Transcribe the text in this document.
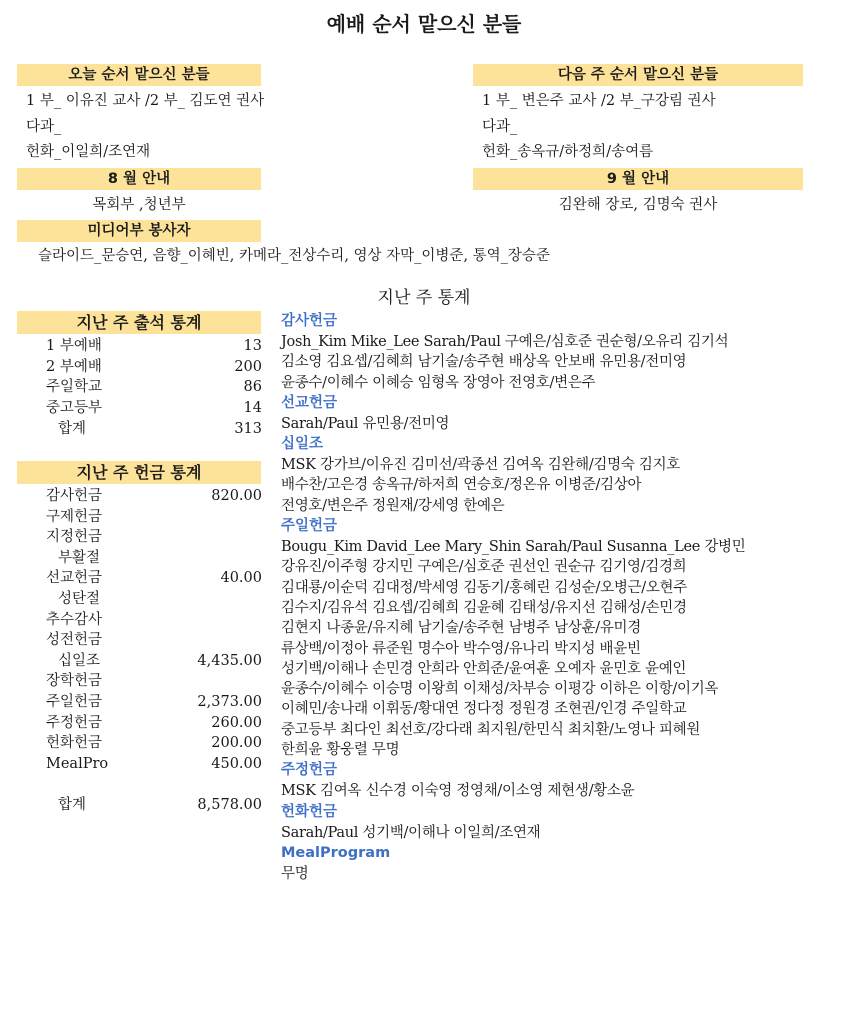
예배 순서 맡으신 분들
오늘 순서 맡으신 분들
1 부_ 이유진 교사 /2 부_ 김도연 권사
다과_
헌화_이일희/조연재
다음 주 순서 맡으신 분들
1 부_ 변은주 교사 /2 부_구강림 권사
다과_
헌화_송옥규/하정희/송여름
8 월 안내
목회부 ,청년부
9 월 안내
김완해 장로, 김명숙 권사
미디어부 봉사자
슬라이드_문승연, 음향_이혜빈, 카메라_전상수리, 영상 자막_이병준, 통역_장승준
지난 주 통계
지난 주 출석 통계
1 부예배	13
2 부예배	200
주일학교	86
중고등부	14
합계	313
지난 주 헌금 통계
감사헌금	820.00
구제헌금
지정헌금
부활절
선교헌금	40.00
성탄절
추수감사
성전헌금
십일조	4,435.00
장학헌금
주일헌금	2,373.00
주정헌금	260.00
헌화헌금	200.00
MealPro	450.00
합계	8,578.00
감사헌금
Josh_Kim Mike_Lee Sarah/Paul 구예은/심호준 권순형/오유리 김기석
김소영 김요셉/김혜희 남기술/송주현 배상옥 안보배 유민용/전미영
윤종수/이혜수 이혜승 임형옥 장영아 전영호/변은주
선교헌금
Sarah/Paul 유민용/전미영
십일조
MSK 강가브/이유진 김미선/곽종선 김여옥 김완해/김명숙 김지호
배수찬/고은경 송옥규/하저희 연승호/정온유 이병준/김상아
전영호/변은주 정원재/강세영 한예은
주일헌금
Bougu_Kim David_Lee Mary_Shin Sarah/Paul Susanna_Lee 강병민
강유진/이주형 강지민 구예은/심호준 권선인 권순규 김기영/김경희
김대룡/이순덕 김대정/박세영 김동기/홍혜린 김성순/오병근/오현주
김수지/김유석 김요셉/김혜희 김윤혜 김태성/유지선 김해성/손민경
김현지 나종윤/유지혜 남기술/송주현 남병주 남상훈/유미경
류상백/이정아 류준원 명수아 박수영/유나리 박지성 배윤빈
성기백/이해나 손민경 안희라 안희준/윤여훈 오예자 윤민호 윤예인
윤종수/이혜수 이승명 이왕희 이채성/차부승 이평강 이하은 이항/이기옥
이혜민/송나래 이휘동/황대연 정다정 정원경 조현권/인경 주일학교
중고등부 최다인 최선호/강다래 최지원/한민식 최치환/노영나 피혜원
한희윤 황웅렬 무명
주정헌금
MSK 김여옥 신수경 이숙영 정영채/이소영 제현생/황소윤
헌화헌금
Sarah/Paul 성기백/이해나 이일희/조연재
MealProgram
무명
